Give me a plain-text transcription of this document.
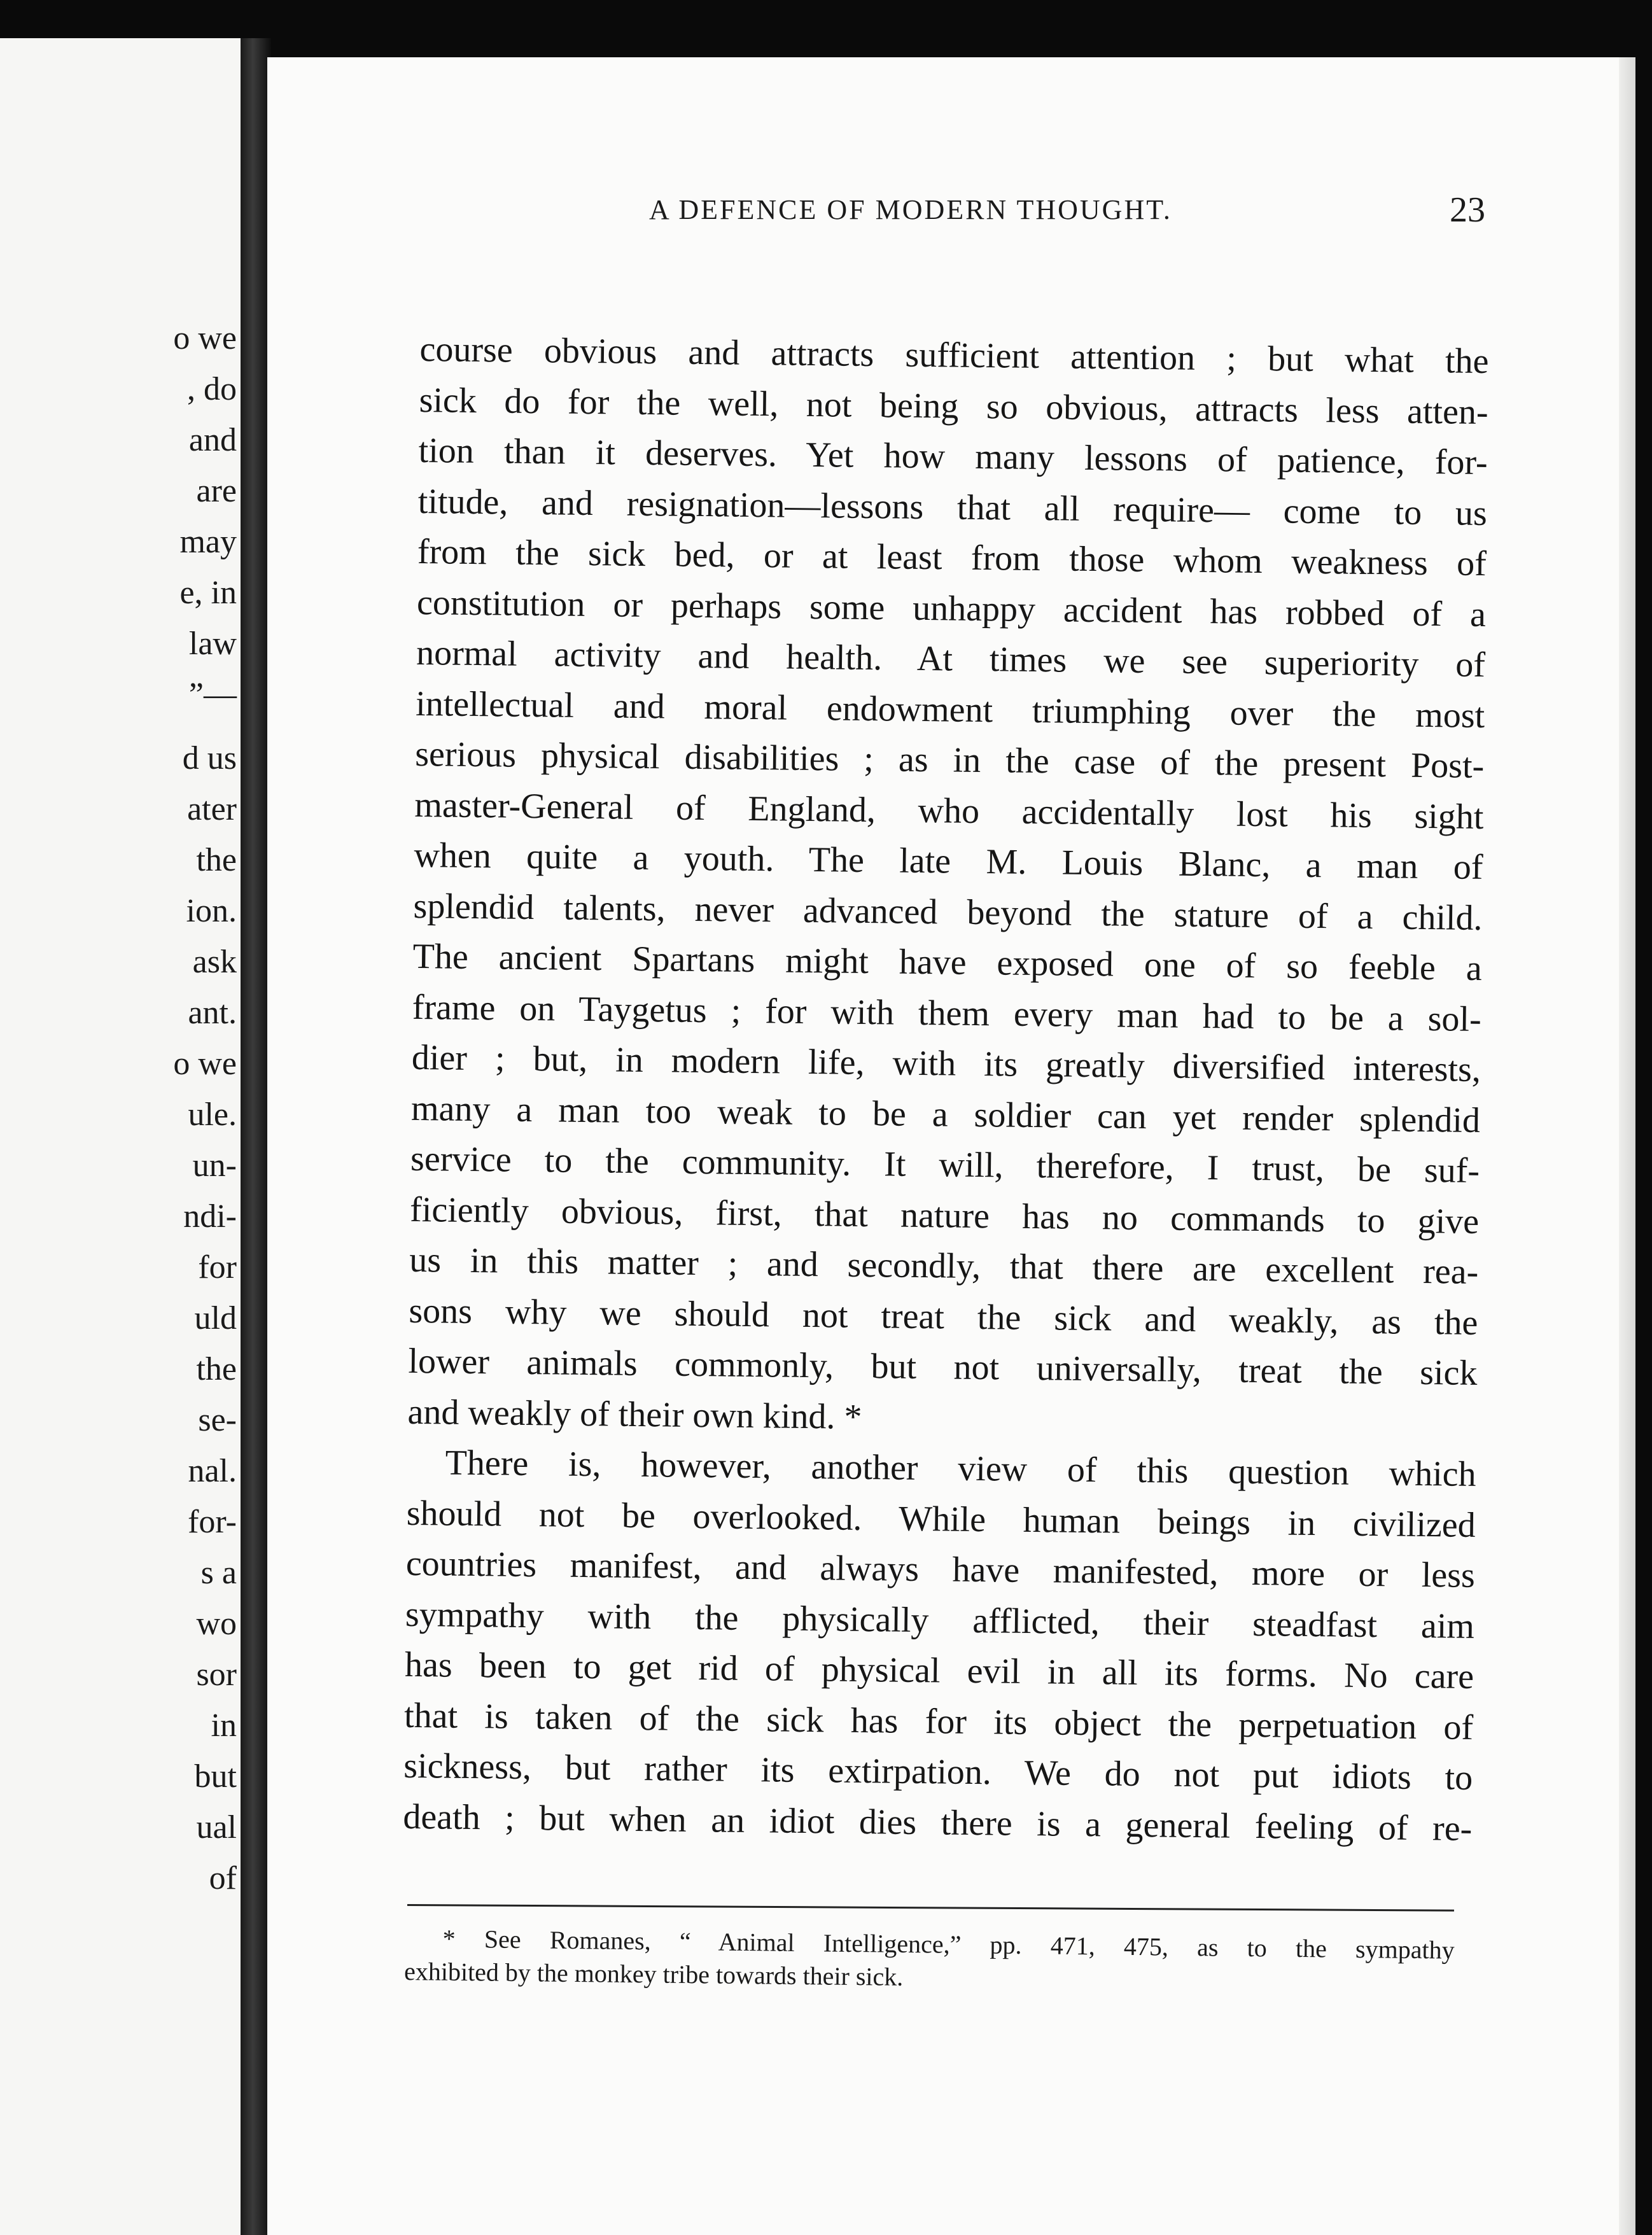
o we
, do
and
are
may
e, in
law
”—
d us
ater
the
ion.
ask
ant.
o we
ule.
un-
ndi-
for
uld
the
se-
nal.
for-
s a
wo
sor
in
but
ual
of
A DEFENCE OF MODERN THOUGHT.	23
course obvious and attracts sufficient attention ; but what the
sick do for the well, not being so obvious, attracts less atten-
tion than it deserves. Yet how many lessons of patience, for-
titude, and resignation—lessons that all require— come to us
from the sick bed, or at least from those whom weakness of
constitution or perhaps some unhappy accident has robbed of a
normal activity and health. At times we see superiority of
intellectual and moral endowment triumphing over the most
serious physical disabilities ; as in the case of the present Post-
master-General of England, who accidentally lost his sight
when quite a youth. The late M. Louis Blanc, a man of
splendid talents, never advanced beyond the stature of a child.
The ancient Spartans might have exposed one of so feeble a
frame on Taygetus ; for with them every man had to be a sol-
dier ; but, in modern life, with its greatly diversified interests,
many a man too weak to be a soldier can yet render splendid
service to the community. It will, therefore, I trust, be suf-
ficiently obvious, first, that nature has no commands to give
us in this matter ; and secondly, that there are excellent rea-
sons why we should not treat the sick and weakly, as the
lower animals commonly, but not universally, treat the sick
and weakly of their own kind. *
There is, however, another view of this question which
should not be overlooked. While human beings in civilized
countries manifest, and always have manifested, more or less
sympathy with the physically afflicted, their steadfast aim
has been to get rid of physical evil in all its forms. No care
that is taken of the sick has for its object the perpetuation of
sickness, but rather its extirpation. We do not put idiots to
death ; but when an idiot dies there is a general feeling of re-
* See Romanes, “ Animal Intelligence,” pp. 471, 475, as to the sympathy
exhibited by the monkey tribe towards their sick.
